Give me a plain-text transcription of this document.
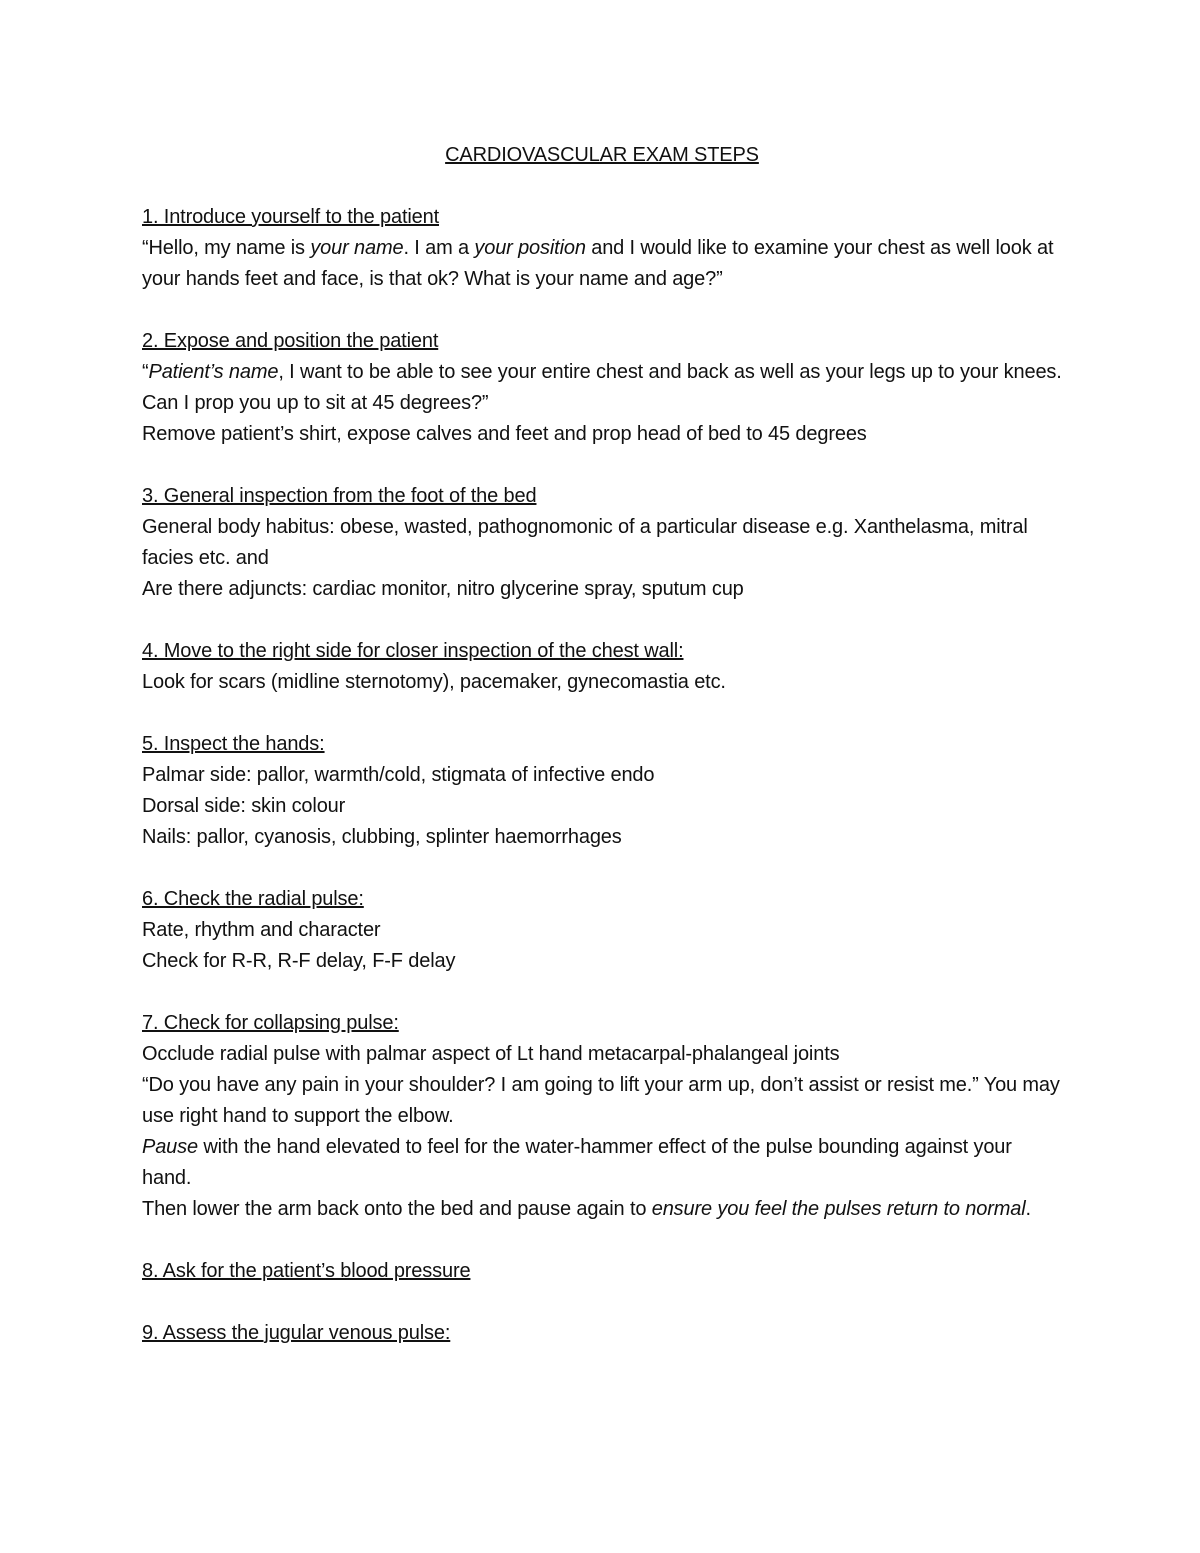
CARDIOVASCULAR EXAM STEPS
1. Introduce yourself to the patient
“Hello, my name is your name. I am a your position and I would like to examine your chest as well look at your hands feet and face, is that ok? What is your name and age?”
2. Expose and position the patient
“Patient’s name, I want to be able to see your entire chest and back as well as your legs up to your knees. Can I prop you up to sit at 45 degrees?”
Remove patient’s shirt, expose calves and feet and prop head of bed to 45 degrees
3. General inspection from the foot of the bed
General body habitus: obese, wasted, pathognomonic of a particular disease e.g. Xanthelasma, mitral facies etc. and
Are there adjuncts: cardiac monitor, nitro glycerine spray, sputum cup
4. Move to the right side for closer inspection of the chest wall:
Look for scars (midline sternotomy), pacemaker, gynecomastia etc.
5. Inspect the hands:
Palmar side: pallor, warmth/cold, stigmata of infective endo
Dorsal side: skin colour
Nails: pallor, cyanosis, clubbing, splinter haemorrhages
6. Check the radial pulse:
Rate, rhythm and character
Check for R-R, R-F delay, F-F delay
7. Check for collapsing pulse:
Occlude radial pulse with palmar aspect of Lt hand metacarpal-phalangeal joints
“Do you have any pain in your shoulder? I am going to lift your arm up, don’t assist or resist me.” You may use right hand to support the elbow.
Pause with the hand elevated to feel for the water-hammer effect of the pulse bounding against your hand.
Then lower the arm back onto the bed and pause again to ensure you feel the pulses return to normal.
8. Ask for the patient’s blood pressure
9. Assess the jugular venous pulse:
